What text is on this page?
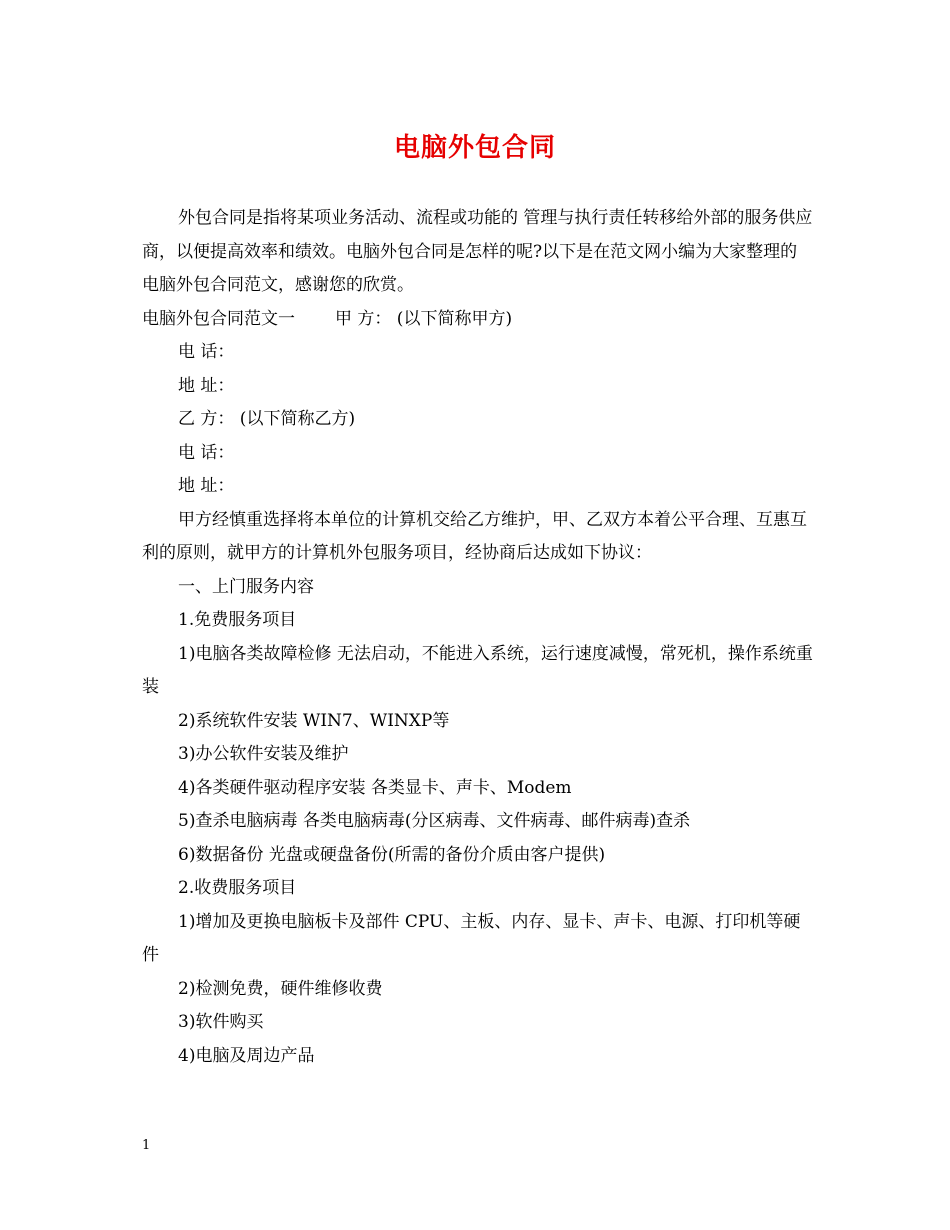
电脑外包合同

外包合同是指将某项业务活动、流程或功能的 管理与执行责任转移给外部的服务供应商，以便提高效率和绩效。电脑外包合同是怎样的呢?以下是在范文网小编为大家整理的电脑外包合同范文，感谢您的欣赏。

电脑外包合同范文一 甲 方： (以下简称甲方)

电 话：

地 址：

乙 方： (以下简称乙方)

电 话：

地 址：

甲方经慎重选择将本单位的计算机交给乙方维护，甲、乙双方本着公平合理、互惠互利的原则，就甲方的计算机外包服务项目，经协商后达成如下协议：

一、上门服务内容

1.免费服务项目

1)电脑各类故障检修 无法启动，不能进入系统，运行速度减慢，常死机，操作系统重装

2)系统软件安装 WIN7、WINXP等

3)办公软件安装及维护

4)各类硬件驱动程序安装 各类显卡、声卡、Modem

5)查杀电脑病毒 各类电脑病毒(分区病毒、文件病毒、邮件病毒)查杀

6)数据备份 光盘或硬盘备份(所需的备份介质由客户提供)

2.收费服务项目

1)增加及更换电脑板卡及部件 CPU、主板、内存、显卡、声卡、电源、打印机等硬件

2)检测免费，硬件维修收费

3)软件购买

4)电脑及周边产品

1
